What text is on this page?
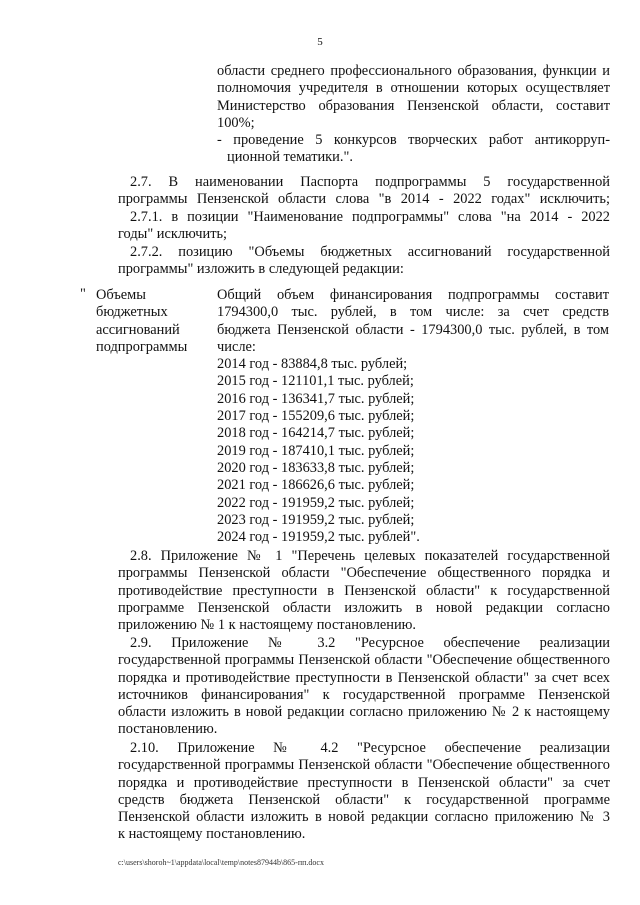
5
области среднего профессионального образования, функции и
полномочия учредителя в отношении которых осуществляет
Министерство образования Пензенской области, составит
100%;
- проведение 5 конкурсов творческих работ антикорруп-
ционной тематики.".
2.7. В наименовании Паспорта подпрограммы 5 государственной
программы Пензенской области слова "в 2014 - 2022 годах" исключить;
2.7.1. в позиции "Наименование подпрограммы" слова "на 2014 - 2022
годы" исключить;
2.7.2. позицию "Объемы бюджетных ассигнований государственной
программы" изложить в следующей редакции:
" Объемы
бюджетных
ассигнований
подпрограммы
Общий объем финансирования подпрограммы составит
1794300,0 тыс. рублей, в том числе: за счет средств
бюджета Пензенской области - 1794300,0 тыс. рублей, в том
числе:
2014 год - 83884,8 тыс. рублей;
2015 год - 121101,1 тыс. рублей;
2016 год - 136341,7 тыс. рублей;
2017 год - 155209,6 тыс. рублей;
2018 год - 164214,7 тыс. рублей;
2019 год - 187410,1 тыс. рублей;
2020 год - 183633,8 тыс. рублей;
2021 год - 186626,6 тыс. рублей;
2022 год - 191959,2 тыс. рублей;
2023 год - 191959,2 тыс. рублей;
2024 год - 191959,2 тыс. рублей".
2.8. Приложение № 1 "Перечень целевых показателей государственной
программы Пензенской области "Обеспечение общественного порядка и
противодействие преступности в Пензенской области" к государственной
программе Пензенской области изложить в новой редакции согласно
приложению № 1 к настоящему постановлению.
2.9. Приложение № 3.2 "Ресурсное обеспечение реализации
государственной программы Пензенской области "Обеспечение общественного
порядка и противодействие преступности в Пензенской области" за счет всех
источников финансирования" к государственной программе Пензенской
области изложить в новой редакции согласно приложению № 2 к настоящему
постановлению.
2.10. Приложение № 4.2 "Ресурсное обеспечение реализации
государственной программы Пензенской области "Обеспечение общественного
порядка и противодействие преступности в Пензенской области" за счет
средств бюджета Пензенской области" к государственной программе
Пензенской области изложить в новой редакции согласно приложению № 3
к настоящему постановлению.
c:\users\shoroh~1\appdata\local\temp\notes87944b\865-пп.docx
